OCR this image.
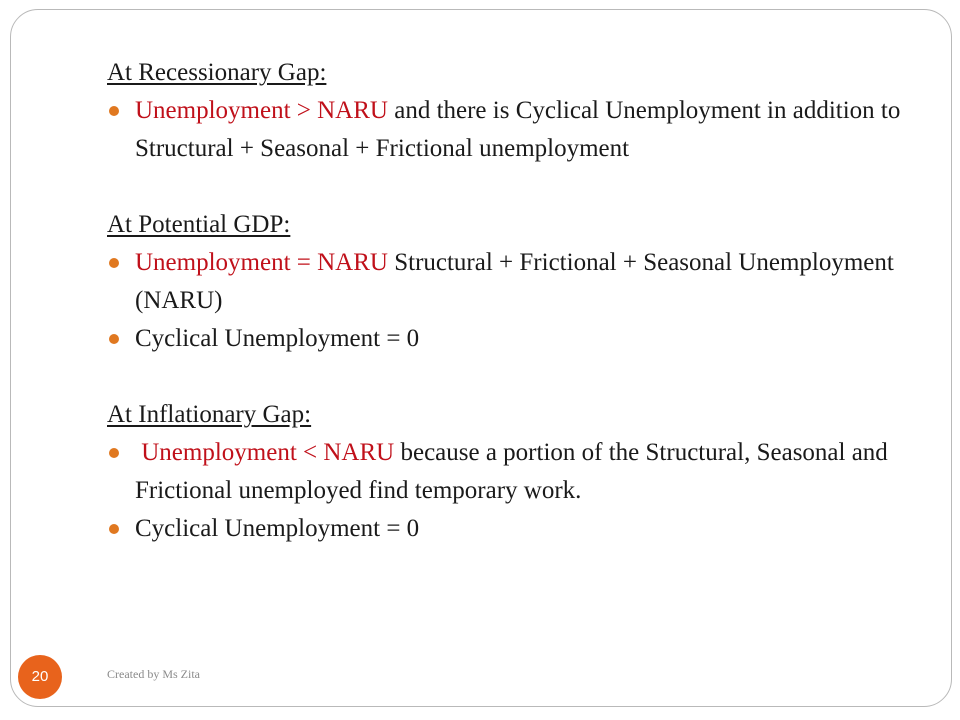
At Recessionary Gap:

Unemployment > NARU and there is Cyclical Unemployment in addition to Structural + Seasonal + Frictional unemployment

At Potential GDP:

Unemployment = NARU Structural + Frictional + Seasonal Unemployment (NARU)
Cyclical Unemployment = 0

At Inflationary Gap:

Unemployment < NARU because a portion of the Structural, Seasonal and Frictional unemployed find temporary work.
Cyclical Unemployment = 0
20	Created by Ms Zita
